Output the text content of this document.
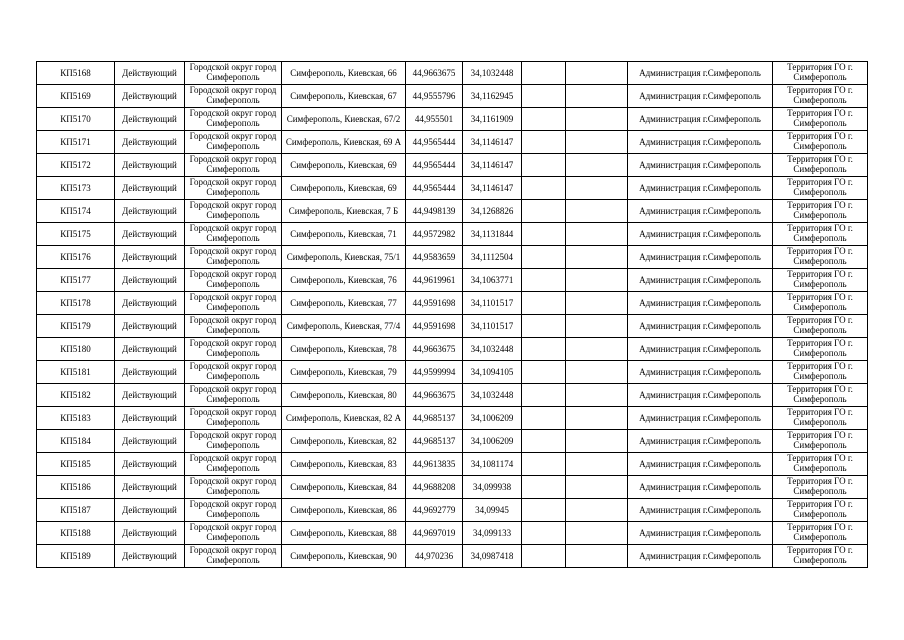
КП5168	Действующий	Городской округ город Симферополь	Симферополь, Киевская, 66	44,9663675	34,1032448			Администрация г.Симферополь	Территория ГО г. Симферополь
КП5169	Действующий	Городской округ город Симферополь	Симферополь, Киевская, 67	44,9555796	34,1162945			Администрация г.Симферополь	Территория ГО г. Симферополь
КП5170	Действующий	Городской округ город Симферополь	Симферополь, Киевская, 67/2	44,955501	34,1161909			Администрация г.Симферополь	Территория ГО г. Симферополь
КП5171	Действующий	Городской округ город Симферополь	Симферополь, Киевская, 69 А	44,9565444	34,1146147			Администрация г.Симферополь	Территория ГО г. Симферополь
КП5172	Действующий	Городской округ город Симферополь	Симферополь, Киевская, 69	44,9565444	34,1146147			Администрация г.Симферополь	Территория ГО г. Симферополь
КП5173	Действующий	Городской округ город Симферополь	Симферополь, Киевская, 69	44,9565444	34,1146147			Администрация г.Симферополь	Территория ГО г. Симферополь
КП5174	Действующий	Городской округ город Симферополь	Симферополь, Киевская, 7 Б	44,9498139	34,1268826			Администрация г.Симферополь	Территория ГО г. Симферополь
КП5175	Действующий	Городской округ город Симферополь	Симферополь, Киевская, 71	44,9572982	34,1131844			Администрация г.Симферополь	Территория ГО г. Симферополь
КП5176	Действующий	Городской округ город Симферополь	Симферополь, Киевская, 75/1	44,9583659	34,1112504			Администрация г.Симферополь	Территория ГО г. Симферополь
КП5177	Действующий	Городской округ город Симферополь	Симферополь, Киевская, 76	44,9619961	34,1063771			Администрация г.Симферополь	Территория ГО г. Симферополь
КП5178	Действующий	Городской округ город Симферополь	Симферополь, Киевская, 77	44,9591698	34,1101517			Администрация г.Симферополь	Территория ГО г. Симферополь
КП5179	Действующий	Городской округ город Симферополь	Симферополь, Киевская, 77/4	44,9591698	34,1101517			Администрация г.Симферополь	Территория ГО г. Симферополь
КП5180	Действующий	Городской округ город Симферополь	Симферополь, Киевская, 78	44,9663675	34,1032448			Администрация г.Симферополь	Территория ГО г. Симферополь
КП5181	Действующий	Городской округ город Симферополь	Симферополь, Киевская, 79	44,9599994	34,1094105			Администрация г.Симферополь	Территория ГО г. Симферополь
КП5182	Действующий	Городской округ город Симферополь	Симферополь, Киевская, 80	44,9663675	34,1032448			Администрация г.Симферополь	Территория ГО г. Симферополь
КП5183	Действующий	Городской округ город Симферополь	Симферополь, Киевская, 82 А	44,9685137	34,1006209			Администрация г.Симферополь	Территория ГО г. Симферополь
КП5184	Действующий	Городской округ город Симферополь	Симферополь, Киевская, 82	44,9685137	34,1006209			Администрация г.Симферополь	Территория ГО г. Симферополь
КП5185	Действующий	Городской округ город Симферополь	Симферополь, Киевская, 83	44,9613835	34,1081174			Администрация г.Симферополь	Территория ГО г. Симферополь
КП5186	Действующий	Городской округ город Симферополь	Симферополь, Киевская, 84	44,9688208	34,099938			Администрация г.Симферополь	Территория ГО г. Симферополь
КП5187	Действующий	Городской округ город Симферополь	Симферополь, Киевская, 86	44,9692779	34,09945			Администрация г.Симферополь	Территория ГО г. Симферополь
КП5188	Действующий	Городской округ город Симферополь	Симферополь, Киевская, 88	44,9697019	34,099133			Администрация г.Симферополь	Территория ГО г. Симферополь
КП5189	Действующий	Городской округ город Симферополь	Симферополь, Киевская, 90	44,970236	34,0987418			Администрация г.Симферополь	Территория ГО г. Симферополь
